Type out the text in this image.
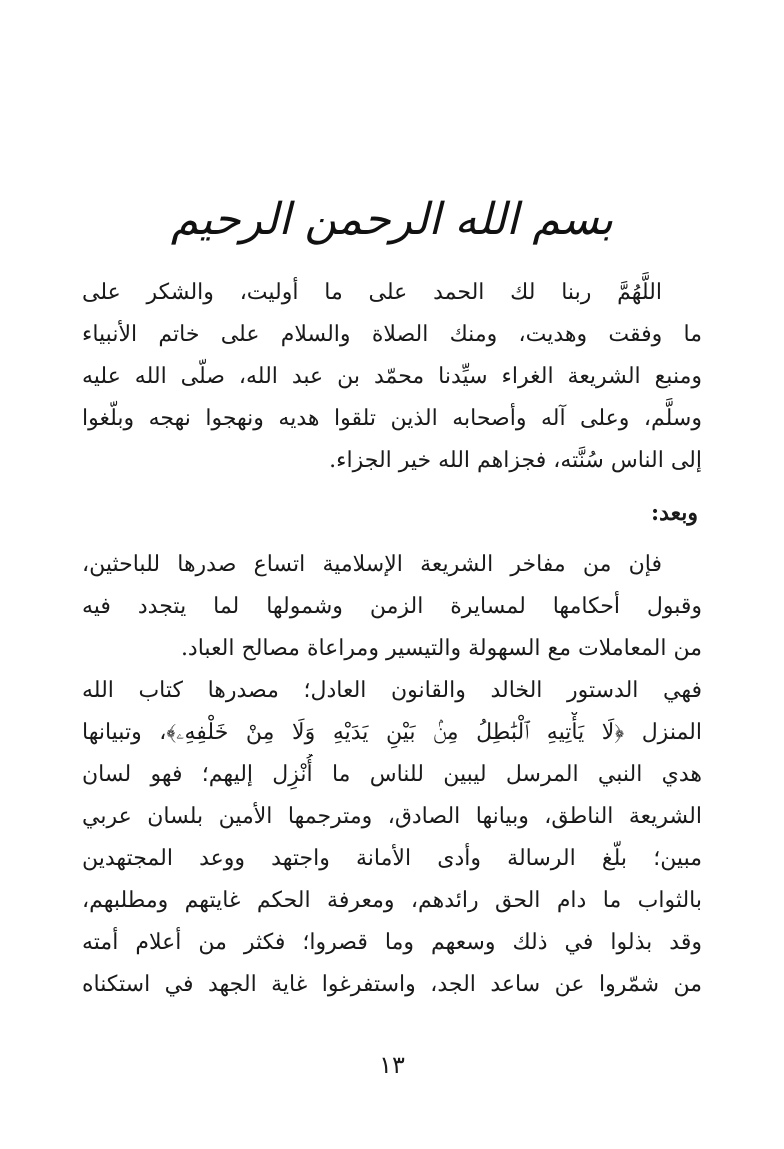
بسم الله الرحمن الرحيم
اللَّهُمَّ ربنا لك الحمد على ما أوليت، والشكر على
ما وفقت وهديت، ومنك الصلاة والسلام على خاتم الأنبياء
ومنبع الشريعة الغراء سيِّدنا محمّد بن عبد الله، صلّى الله عليه
وسلَّم، وعلى آله وأصحابه الذين تلقوا هديه ونهجوا نهجه وبلّغوا
إلى الناس سُنَّته، فجزاهم الله خير الجزاء.
وبعد:
فإن من مفاخر الشريعة الإسلامية اتساع صدرها للباحثين،
وقبول أحكامها لمسايرة الزمن وشمولها لما يتجدد فيه
من المعاملات مع السهولة والتيسير ومراعاة مصالح العباد.
فهي الدستور الخالد والقانون العادل؛ مصدرها كتاب الله
المنزل ﴿لَا يَأْتِيهِ ٱلْبَٰطِلُ مِنۢ بَيْنِ يَدَيْهِ وَلَا مِنْ خَلْفِهِۦ﴾، وتبيانها
هدي النبي المرسل ليبين للناس ما أُنْزِل إليهم؛ فهو لسان
الشريعة الناطق، وبيانها الصادق، ومترجمها الأمين بلسان عربي
مبين؛ بلّغ الرسالة وأدى الأمانة واجتهد ووعد المجتهدين
بالثواب ما دام الحق رائدهم، ومعرفة الحكم غايتهم ومطلبهم،
وقد بذلوا في ذلك وسعهم وما قصروا؛ فكثر من أعلام أمته
من شمّروا عن ساعد الجد، واستفرغوا غاية الجهد في استكناه
١٣
